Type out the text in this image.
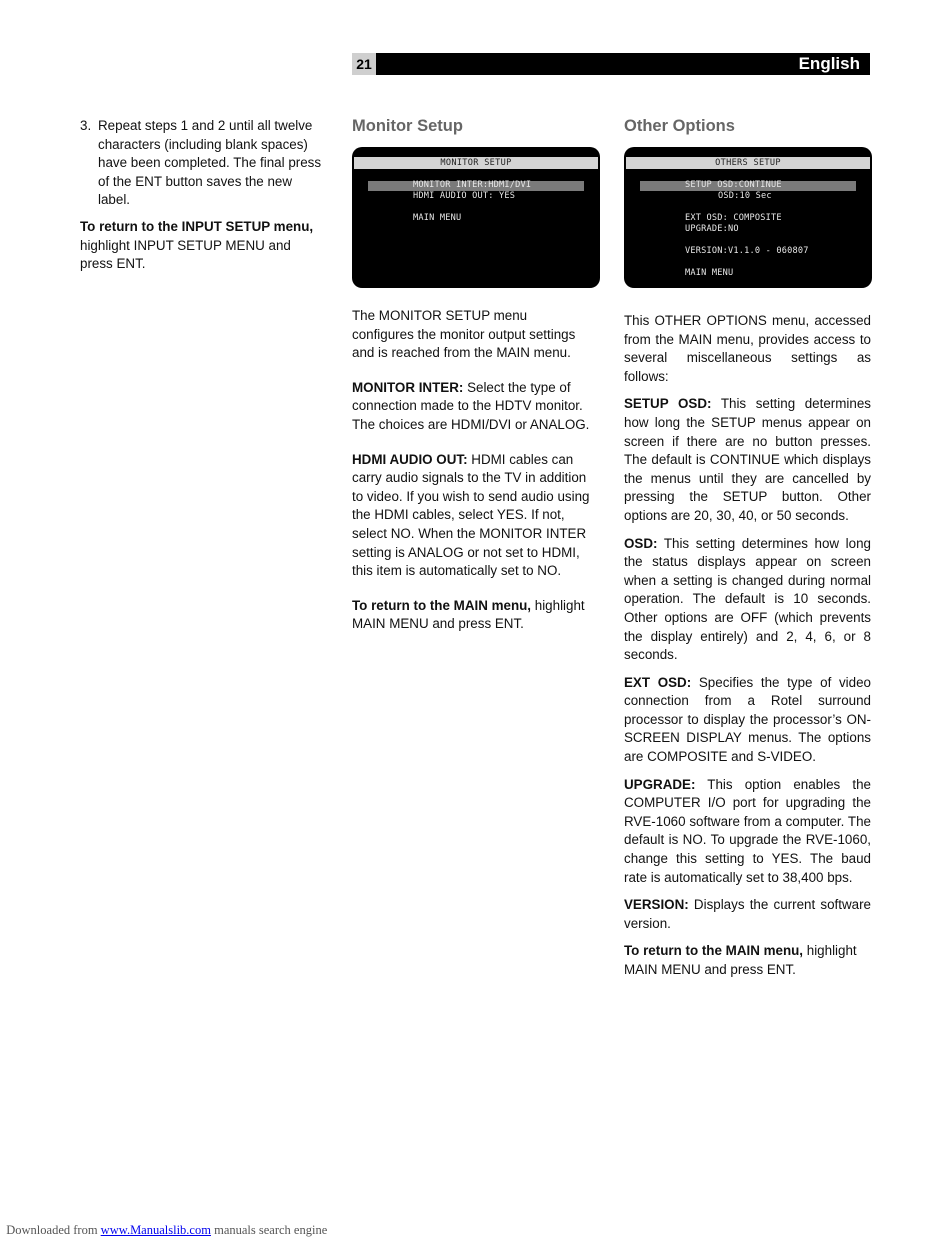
21	English
3. Repeat steps 1 and 2 until all twelve characters (including blank spaces) have been completed. The final press of the ENT button saves the new label.

To return to the INPUT SETUP menu, highlight INPUT SETUP MENU and press ENT.

Monitor Setup
MONITOR SETUP
MONITOR INTER:HDMI/DVI
HDMI AUDIO OUT: YES
MAIN MENU

The MONITOR SETUP menu configures the monitor output settings and is reached from the MAIN menu.

MONITOR INTER: Select the type of connection made to the HDTV monitor. The choices are HDMI/DVI or ANALOG.

HDMI AUDIO OUT: HDMI cables can carry audio signals to the TV in addition to video. If you wish to send audio using the HDMI cables, select YES. If not, select NO. When the MONITOR INTER setting is ANALOG or not set to HDMI, this item is automatically set to NO.

To return to the MAIN menu, highlight MAIN MENU and press ENT.

Other Options
OTHERS SETUP
SETUP OSD:CONTINUE
OSD:10 Sec
EXT OSD: COMPOSITE
UPGRADE:NO
VERSION:V1.1.0 - 060807
MAIN MENU

This OTHER OPTIONS menu, accessed from the MAIN menu, provides access to several miscellaneous settings as follows:

SETUP OSD: This setting determines how long the SETUP menus appear on screen if there are no button presses. The default is CONTINUE which displays the menus until they are cancelled by pressing the SETUP button. Other options are 20, 30, 40, or 50 seconds.

OSD: This setting determines how long the status displays appear on screen when a setting is changed during normal operation. The default is 10 seconds. Other options are OFF (which prevents the display entirely) and 2, 4, 6, or 8 seconds.

EXT OSD: Specifies the type of video connection from a Rotel surround processor to display the processor’s ON-SCREEN DISPLAY menus. The options are COMPOSITE and S-VIDEO.

UPGRADE: This option enables the COMPUTER I/O port for upgrading the RVE-1060 software from a computer. The default is NO. To upgrade the RVE-1060, change this setting to YES. The baud rate is automatically set to 38,400 bps.

VERSION: Displays the current software version.

To return to the MAIN menu, highlight MAIN MENU and press ENT.

Downloaded from www.Manualslib.com manuals search engine
